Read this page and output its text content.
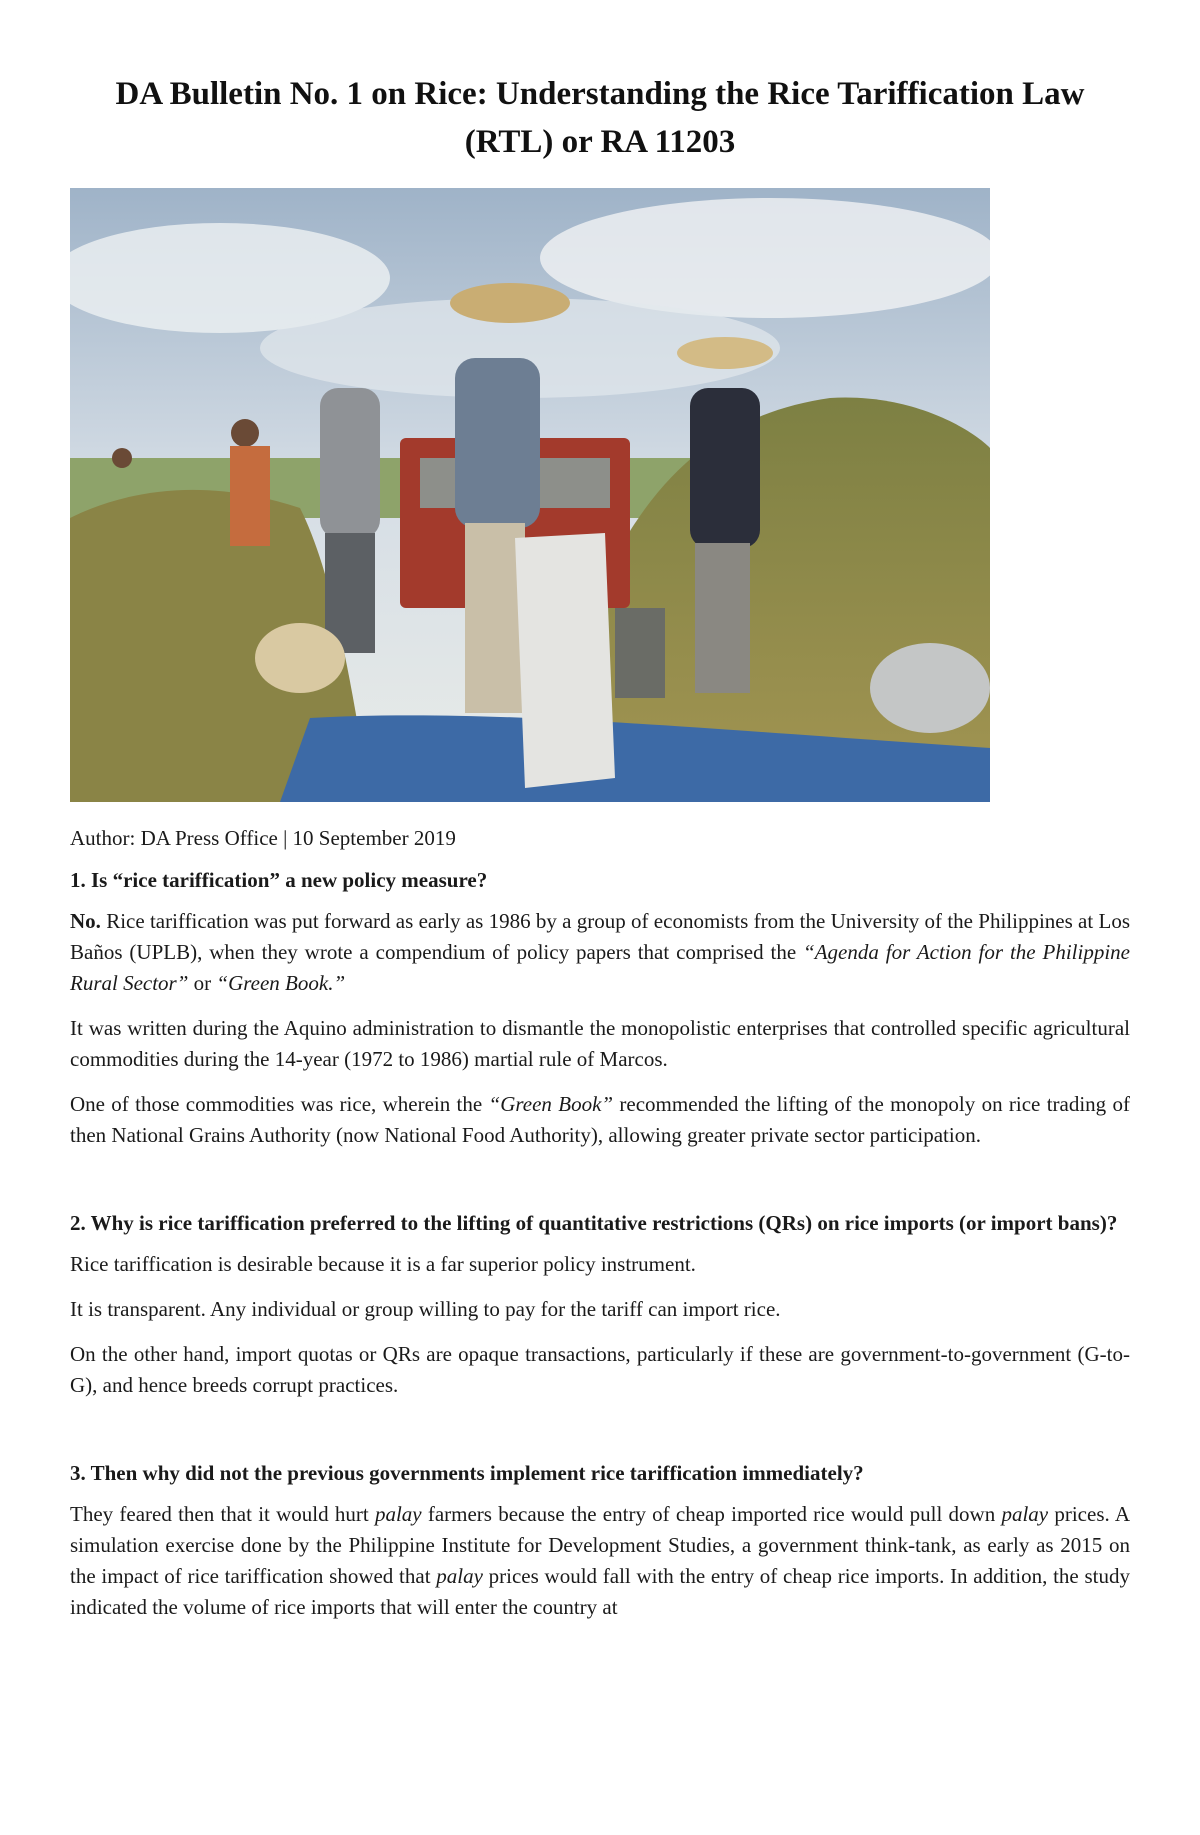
DA Bulletin No. 1 on Rice: Understanding the Rice Tariffication Law (RTL) or RA 11203
Author: DA Press Office | 10 September 2019
1. Is “rice tariffication” a new policy measure?

No. Rice tariffication was put forward as early as 1986 by a group of economists from the University of the Philippines at Los Baños (UPLB), when they wrote a compendium of policy papers that comprised the “Agenda for Action for the Philippine Rural Sector” or “Green Book.”

It was written during the Aquino administration to dismantle the monopolistic enterprises that controlled specific agricultural commodities during the 14-year (1972 to 1986) martial rule of Marcos.

One of those commodities was rice, wherein the “Green Book” recommended the lifting of the monopoly on rice trading of then National Grains Authority (now National Food Authority), allowing greater private sector participation.

2. Why is rice tariffication preferred to the lifting of quantitative restrictions (QRs) on rice imports (or import bans)?

Rice tariffication is desirable because it is a far superior policy instrument.

It is transparent. Any individual or group willing to pay for the tariff can import rice.

On the other hand, import quotas or QRs are opaque transactions, particularly if these are government-to-government (G-to-G), and hence breeds corrupt practices.

3. Then why did not the previous governments implement rice tariffication immediately?

They feared then that it would hurt palay farmers because the entry of cheap imported rice would pull down palay prices. A simulation exercise done by the Philippine Institute for Development Studies, a government think-tank, as early as 2015 on the impact of rice tariffication showed that palay prices would fall with the entry of cheap rice imports. In addition, the study indicated the volume of rice imports that will enter the country at
